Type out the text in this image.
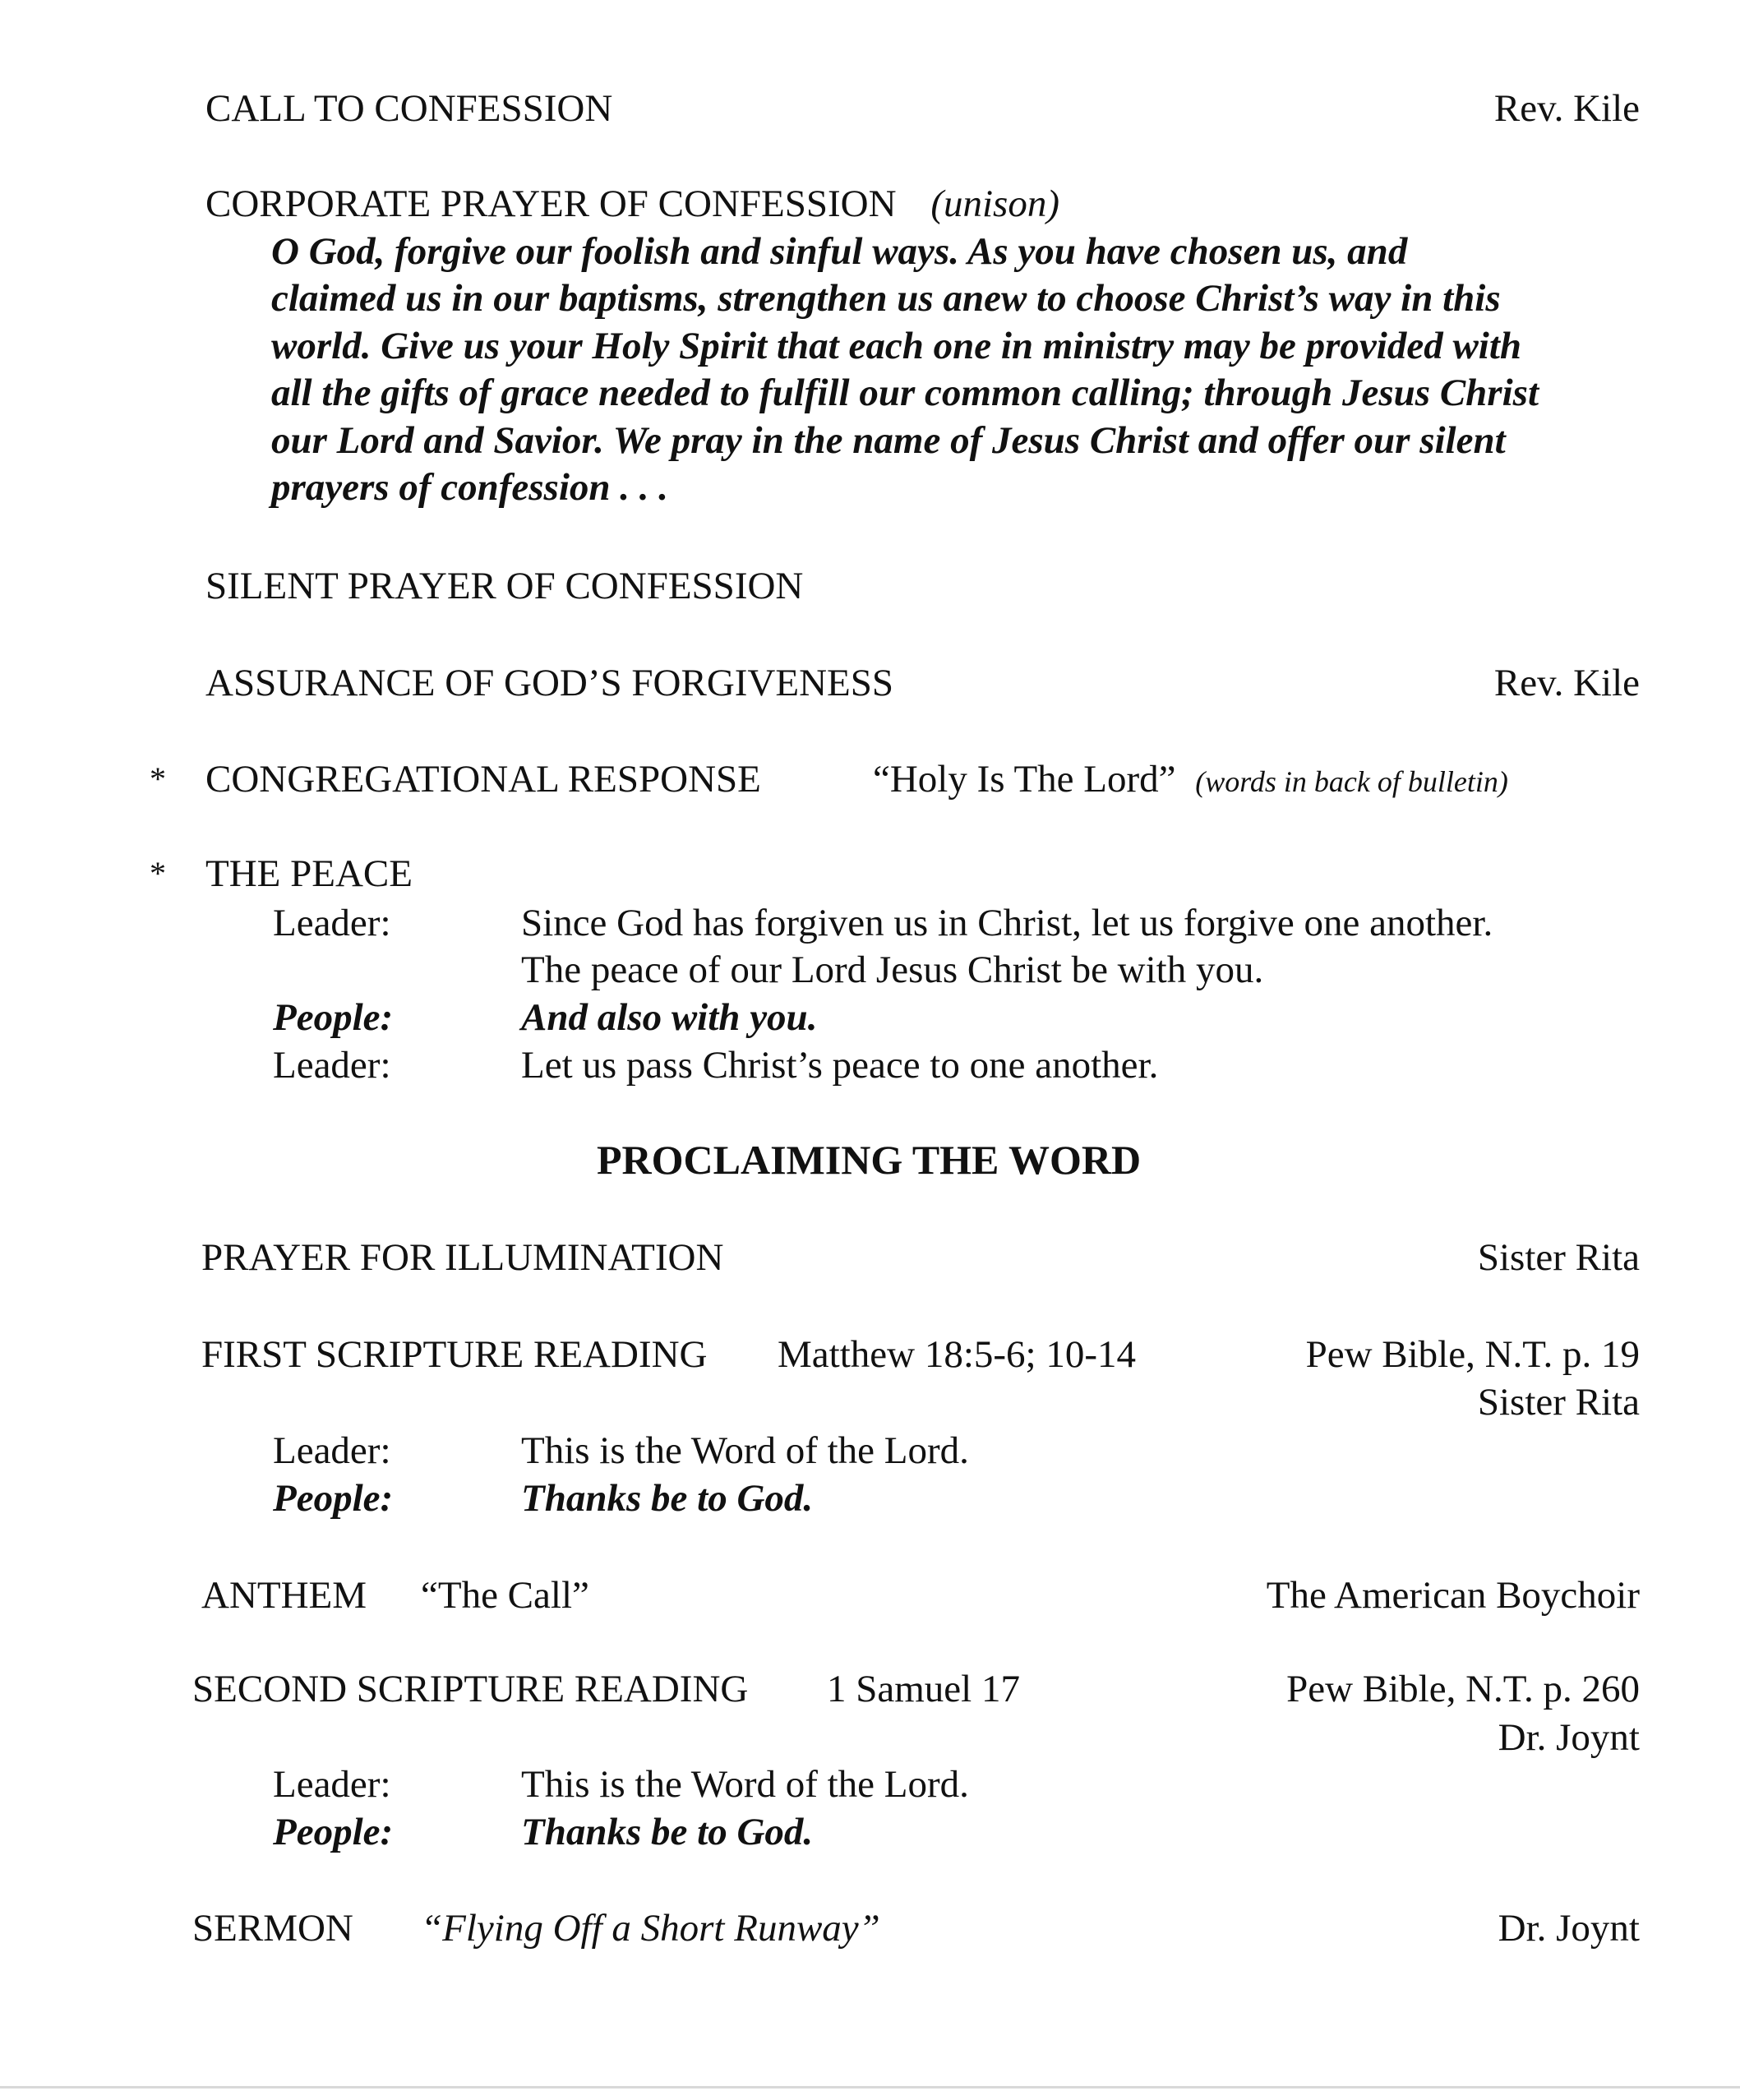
CALL TO CONFESSION	Rev. Kile
CORPORATE PRAYER OF CONFESSION (unison)
O God, forgive our foolish and sinful ways. As you have chosen us, and
claimed us in our baptisms, strengthen us anew to choose Christ’s way in this
world. Give us your Holy Spirit that each one in ministry may be provided with
all the gifts of grace needed to fulfill our common calling; through Jesus Christ
our Lord and Savior. We pray in the name of Jesus Christ and offer our silent
prayers of confession . . .
SILENT PRAYER OF CONFESSION
ASSURANCE OF GOD’S FORGIVENESS	Rev. Kile
* CONGREGATIONAL RESPONSE	“Holy Is The Lord” (words in back of bulletin)
* THE PEACE
Leader:	Since God has forgiven us in Christ, let us forgive one another.
The peace of our Lord Jesus Christ be with you.
People:	And also with you.
Leader:	Let us pass Christ’s peace to one another.
PROCLAIMING THE WORD
PRAYER FOR ILLUMINATION	Sister Rita
FIRST SCRIPTURE READING Matthew 18:5-6; 10-14	Pew Bible, N.T. p. 19
Sister Rita
Leader:	This is the Word of the Lord.
People:	Thanks be to God.
ANTHEM “The Call”	The American Boychoir
SECOND SCRIPTURE READING 1 Samuel 17	Pew Bible, N.T. p. 260
Dr. Joynt
Leader:	This is the Word of the Lord.
People:	Thanks be to God.
SERMON “Flying Off a Short Runway”	Dr. Joynt
